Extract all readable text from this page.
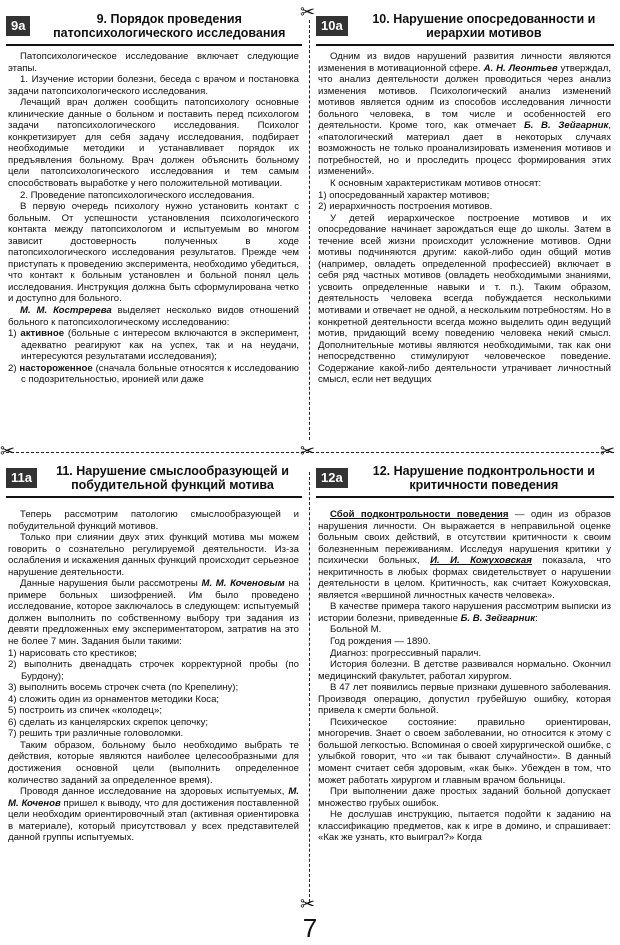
✂
✂	✂	✂
✂
9а	9. Порядок проведения патопсихологического исследования

Патопсихологическое исследование включает следующие этапы.

1. Изучение истории болезни, беседа с врачом и постановка задачи патопсихологического исследования.

Лечащий врач должен сообщить патопсихологу основные клинические данные о больном и поставить перед психологом задачи патопсихологического исследования. Психолог конкретизирует для себя задачу исследования, подбирает необходимые методики и устанавливает порядок их предъявления больному. Врач должен объяснить больному цели патопсихологического исследования и тем самым способствовать выработке у него положительной мотивации.

2. Проведение патопсихологического исследования.

В первую очередь психологу нужно установить контакт с больным. От успешности установления психологического контакта между патопсихологом и испытуемым во многом зависит достоверность полученных в ходе патопсихологического исследования результатов. Прежде чем приступать к проведению эксперимента, необходимо убедиться, что контакт к больным установлен и больной понял цель исследования. Инструкция должна быть сформулирована четко и доступно для больного.

М. М. Костререва выделяет несколько видов отношений больного к патопсихологическому исследованию:

1) активное (больные с интересом включаются в эксперимент, адекватно реагируют как на успех, так и на неудачи, интересуются результатами исследования);
2) настороженное (сначала больные относятся к исследованию с подозрительностью, иронией или даже
10а	10. Нарушение опосредованности и иерархии мотивов

Одним из видов нарушений развития личности являются изменения в мотивационной сфере. А. Н. Леонтьев утверждал, что анализ деятельности должен проводиться через анализ изменения мотивов. Психологический анализ изменений мотивов является одним из способов исследования личности больного человека, в том числе и особенностей его деятельности. Кроме того, как отмечает Б. В. Зейгарник, «патологический материал дает в некоторых случаях возможность не только проанализировать изменения мотивов и потребностей, но и проследить процесс формирования этих изменений».

К основным характеристикам мотивов относят:

1) опосредованный характер мотивов;
2) иерархичность построения мотивов.

У детей иерархическое построение мотивов и их опосредование начинает зарождаться еще до школы. Затем в течение всей жизни происходит усложнение мотивов. Одни мотивы подчиняются другим: какой-либо один общий мотив (например, овладеть определенной профессией) включает в себя ряд частных мотивов (овладеть необходимыми знаниями, усвоить определенные навыки и т. п.). Таким образом, деятельность человека всегда побуждается несколькими мотивами и отвечает не одной, а нескольким потребностям. Но в конкретной деятельности всегда можно выделить один ведущий мотив, придающий всему поведению человека некий смысл. Дополнительные мотивы являются необходимыми, так как они непосредственно стимулируют человеческое поведение. Содержание какой-либо деятельности утрачивает личностный смысл, если нет ведущих

11а	11. Нарушение смыслообразующей и побудительной функций мотива

Теперь рассмотрим патологию смыслообразующей и побудительной функций мотивов.

Только при слиянии двух этих функций мотива мы можем говорить о сознательно регулируемой деятельности. Из-за ослабления и искажения данных функций происходит серьезное нарушение деятельности.

Данные нарушения были рассмотрены М. М. Коченовым на примере больных шизофренией. Им было проведено исследование, которое заключалось в следующем: испытуемый должен выполнить по собственному выбору три задания из девяти предложенных ему экспериментатором, затратив на это не более 7 мин. Задания были такими:

1) нарисовать сто крестиков;
2) выполнить двенадцать строчек корректурной пробы (по Бурдону);
3) выполнить восемь строчек счета (по Крепелину);
4) сложить один из орнаментов методики Коса;
5) построить из спичек «колодец»;
6) сделать из канцелярских скрепок цепочку;
7) решить три различные головоломки.

Таким образом, больному было необходимо выбрать те действия, которые являются наиболее целесообразными для достижения основной цели (выполнить определенное количество заданий за определенное время).

Проводя данное исследование на здоровых испытуемых, М. М. Коченов пришел к выводу, что для достижения поставленной цели необходим ориентировочный этап (активная ориентировка в материале), который присутствовал у всех представителей данной группы испытуемых.

12а	12. Нарушение подконтрольности и критичности поведения

Сбой подконтрольности поведения — один из образов нарушения личности. Он выражается в неправильной оценке больным своих действий, в отсутствии критичности к своим болезненным переживаниям. Исследуя нарушения критики у психически больных, И. И. Кожуховская показала, что некритичность в любых формах свидетельствует о нарушении деятельности в целом. Критичность, как считает Кожуховская, является «вершиной личностных качеств человека».

В качестве примера такого нарушения рассмотрим выписки из истории болезни, приведенные Б. В. Зейгарник:

Больной М.

Год рождения — 1890.

Диагноз: прогрессивный паралич.

История болезни. В детстве развивался нормально. Окончил медицинский факультет, работал хирургом.

В 47 лет появились первые признаки душевного заболевания. Производя операцию, допустил грубейшую ошибку, которая привела к смерти больной.

Психическое состояние: правильно ориентирован, многоречив. Знает о своем заболевании, но относится к этому с большой легкостью. Вспоминая о своей хирургической ошибке, с улыбкой говорит, что «и так бывают случайности». В данный момент считает себя здоровым, «как бык». Убежден в том, что может работать хирургом и главным врачом больницы.

При выполнении даже простых заданий больной допускает множество грубых ошибок.

Не дослушав инструкцию, пытается подойти к заданию на классификацию предметов, как к игре в домино, и спрашивает: «Как же узнать, кто выиграл?» Когда

7
